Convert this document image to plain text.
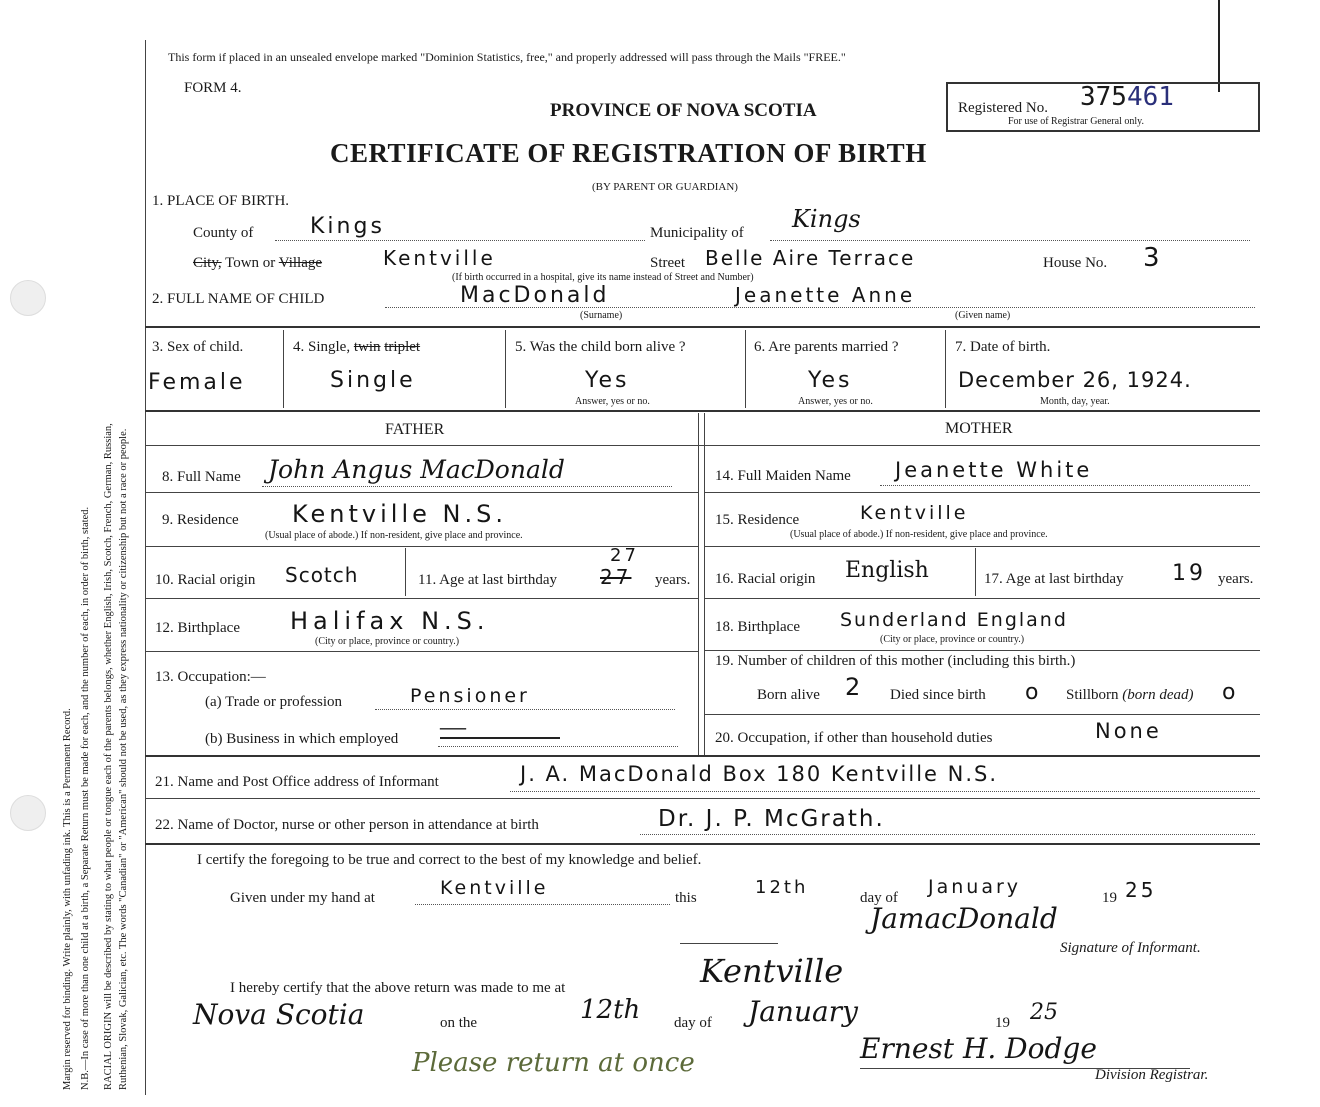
Margin reserved for binding. Write plainly, with unfading ink. This is a Permanent Record. N.B.—In case of more than one child at a birth, a Separate Return must be made for each, and the number of each, in order of birth, stated. RACIAL ORIGIN will be described by stating to what people or tongue each of the parents belongs, whether English, Irish, Scotch, French, German, Russian, Ruthenian, Slovak, Galician, etc. The words "Canadian" or "American" should not be used, as they express nationality or citizenship but not a race or people.
This form if placed in an unsealed envelope marked "Dominion Statistics, free," and properly addressed will pass through the Mails "FREE."
FORM 4.
PROVINCE OF NOVA SCOTIA
CERTIFICATE OF REGISTRATION OF BIRTH
(BY PARENT OR GUARDIAN)
Registered No. 375 461
For use of Registrar General only.
1. PLACE OF BIRTH.
County of	Kings	Municipality of Kings
City, Town or Village	Kentville
(If birth occurred in a hospital, give its name instead of Street and Number)
Street Belle Aire Terrace	House No. 3
2. FULL NAME OF CHILD	MacDonald	Jeanette Anne
(Surname)	(Given name)
3. Sex of child.
Female
4. Single, twin triplet
Single
5. Was the child born alive ?
Yes
Answer, yes or no.
6. Are parents married ?
Yes
Answer, yes or no.
7. Date of birth.
December 26, 1924.
Month, day, year.
FATHER	MOTHER
8. Full Name John Angus MacDonald
9. Residence Kentville N.S.
(Usual place of abode.) If non-resident, give place and province.
10. Racial origin Scotch	11. Age at last birthday 27
27
years.
12. Birthplace Halifax N.S.
(City or place, province or country.)
13. Occupation:—
(a) Trade or profession	Pensioner
(b) Business in which employed —
14. Full Maiden Name Jeanette White
15. Residence	Kentville
(Usual place of abode.) If non-resident, give place and province.
16. Racial origin English	17. Age at last birthday 19 years.
18. Birthplace Sunderland England
(City or place, province or country.)
19. Number of children of this mother (including this birth.)
Born alive 2 Died since birth o Stillborn (born dead) o
20. Occupation, if other than household duties	None
21. Name and Post Office address of Informant	J. A. MacDonald Box 180 Kentville N.S.
22. Name of Doctor, nurse or other person in attendance at birth	Dr. J. P. McGrath.
I certify the foregoing to be true and correct to the best of my knowledge and belief.
Given under my hand at	Kentville	this	12th	day of January	19 25
JamacDonald
Signature of Informant.
I hereby certify that the above return was made to me at	Kentville
Nova Scotia	on the	12th day of January	19 25
Please return at once	Ernest H. Dodge
Division Registrar.
